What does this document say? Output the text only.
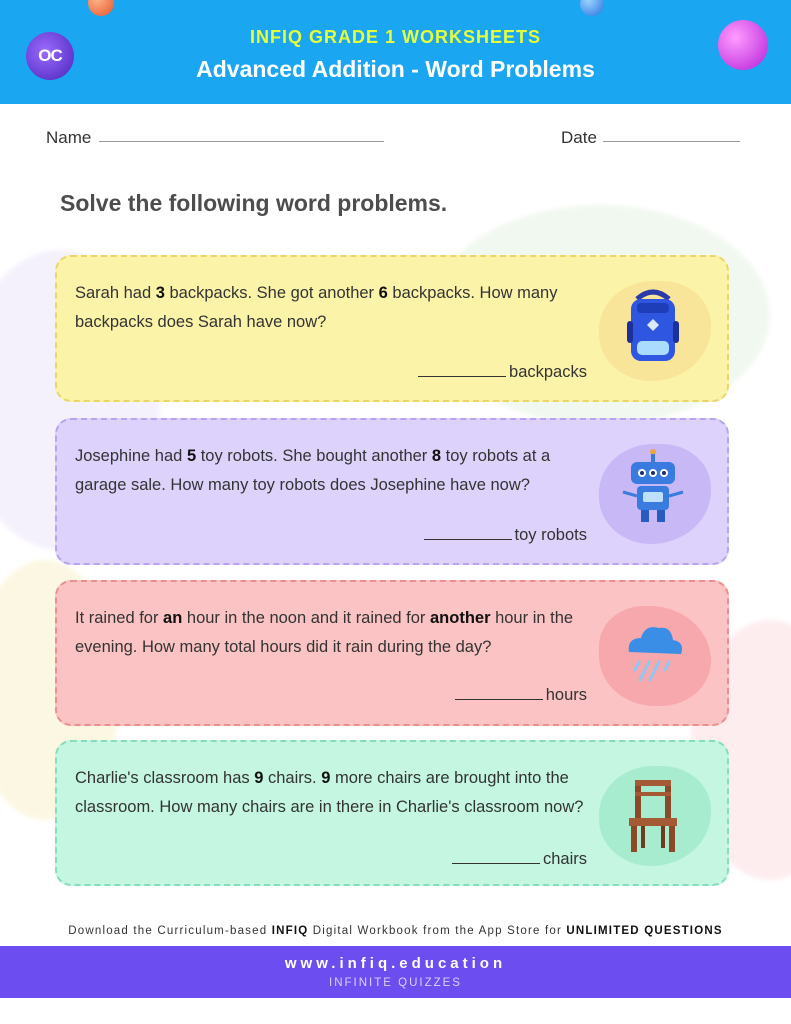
OC
INFIQ GRADE 1 WORKSHEETS
Advanced Addition - Word Problems
Name	Date
Solve the following word problems.
Sarah had 3 backpacks. She got another 6 backpacks. How many backpacks does Sarah have now?
backpacks
Josephine had 5 toy robots. She bought another 8 toy robots at a garage sale. How many toy robots does Josephine have now?
toy robots
It rained for an hour in the noon and it rained for another hour in the evening. How many total hours did it rain during the day?
hours
Charlie's classroom has 9 chairs. 9 more chairs are brought into the classroom. How many chairs are in there in Charlie's classroom now?
chairs
Download the Curriculum-based INFIQ Digital Workbook from the App Store for UNLIMITED QUESTIONS
www.infiq.education
INFINITE QUIZZES
